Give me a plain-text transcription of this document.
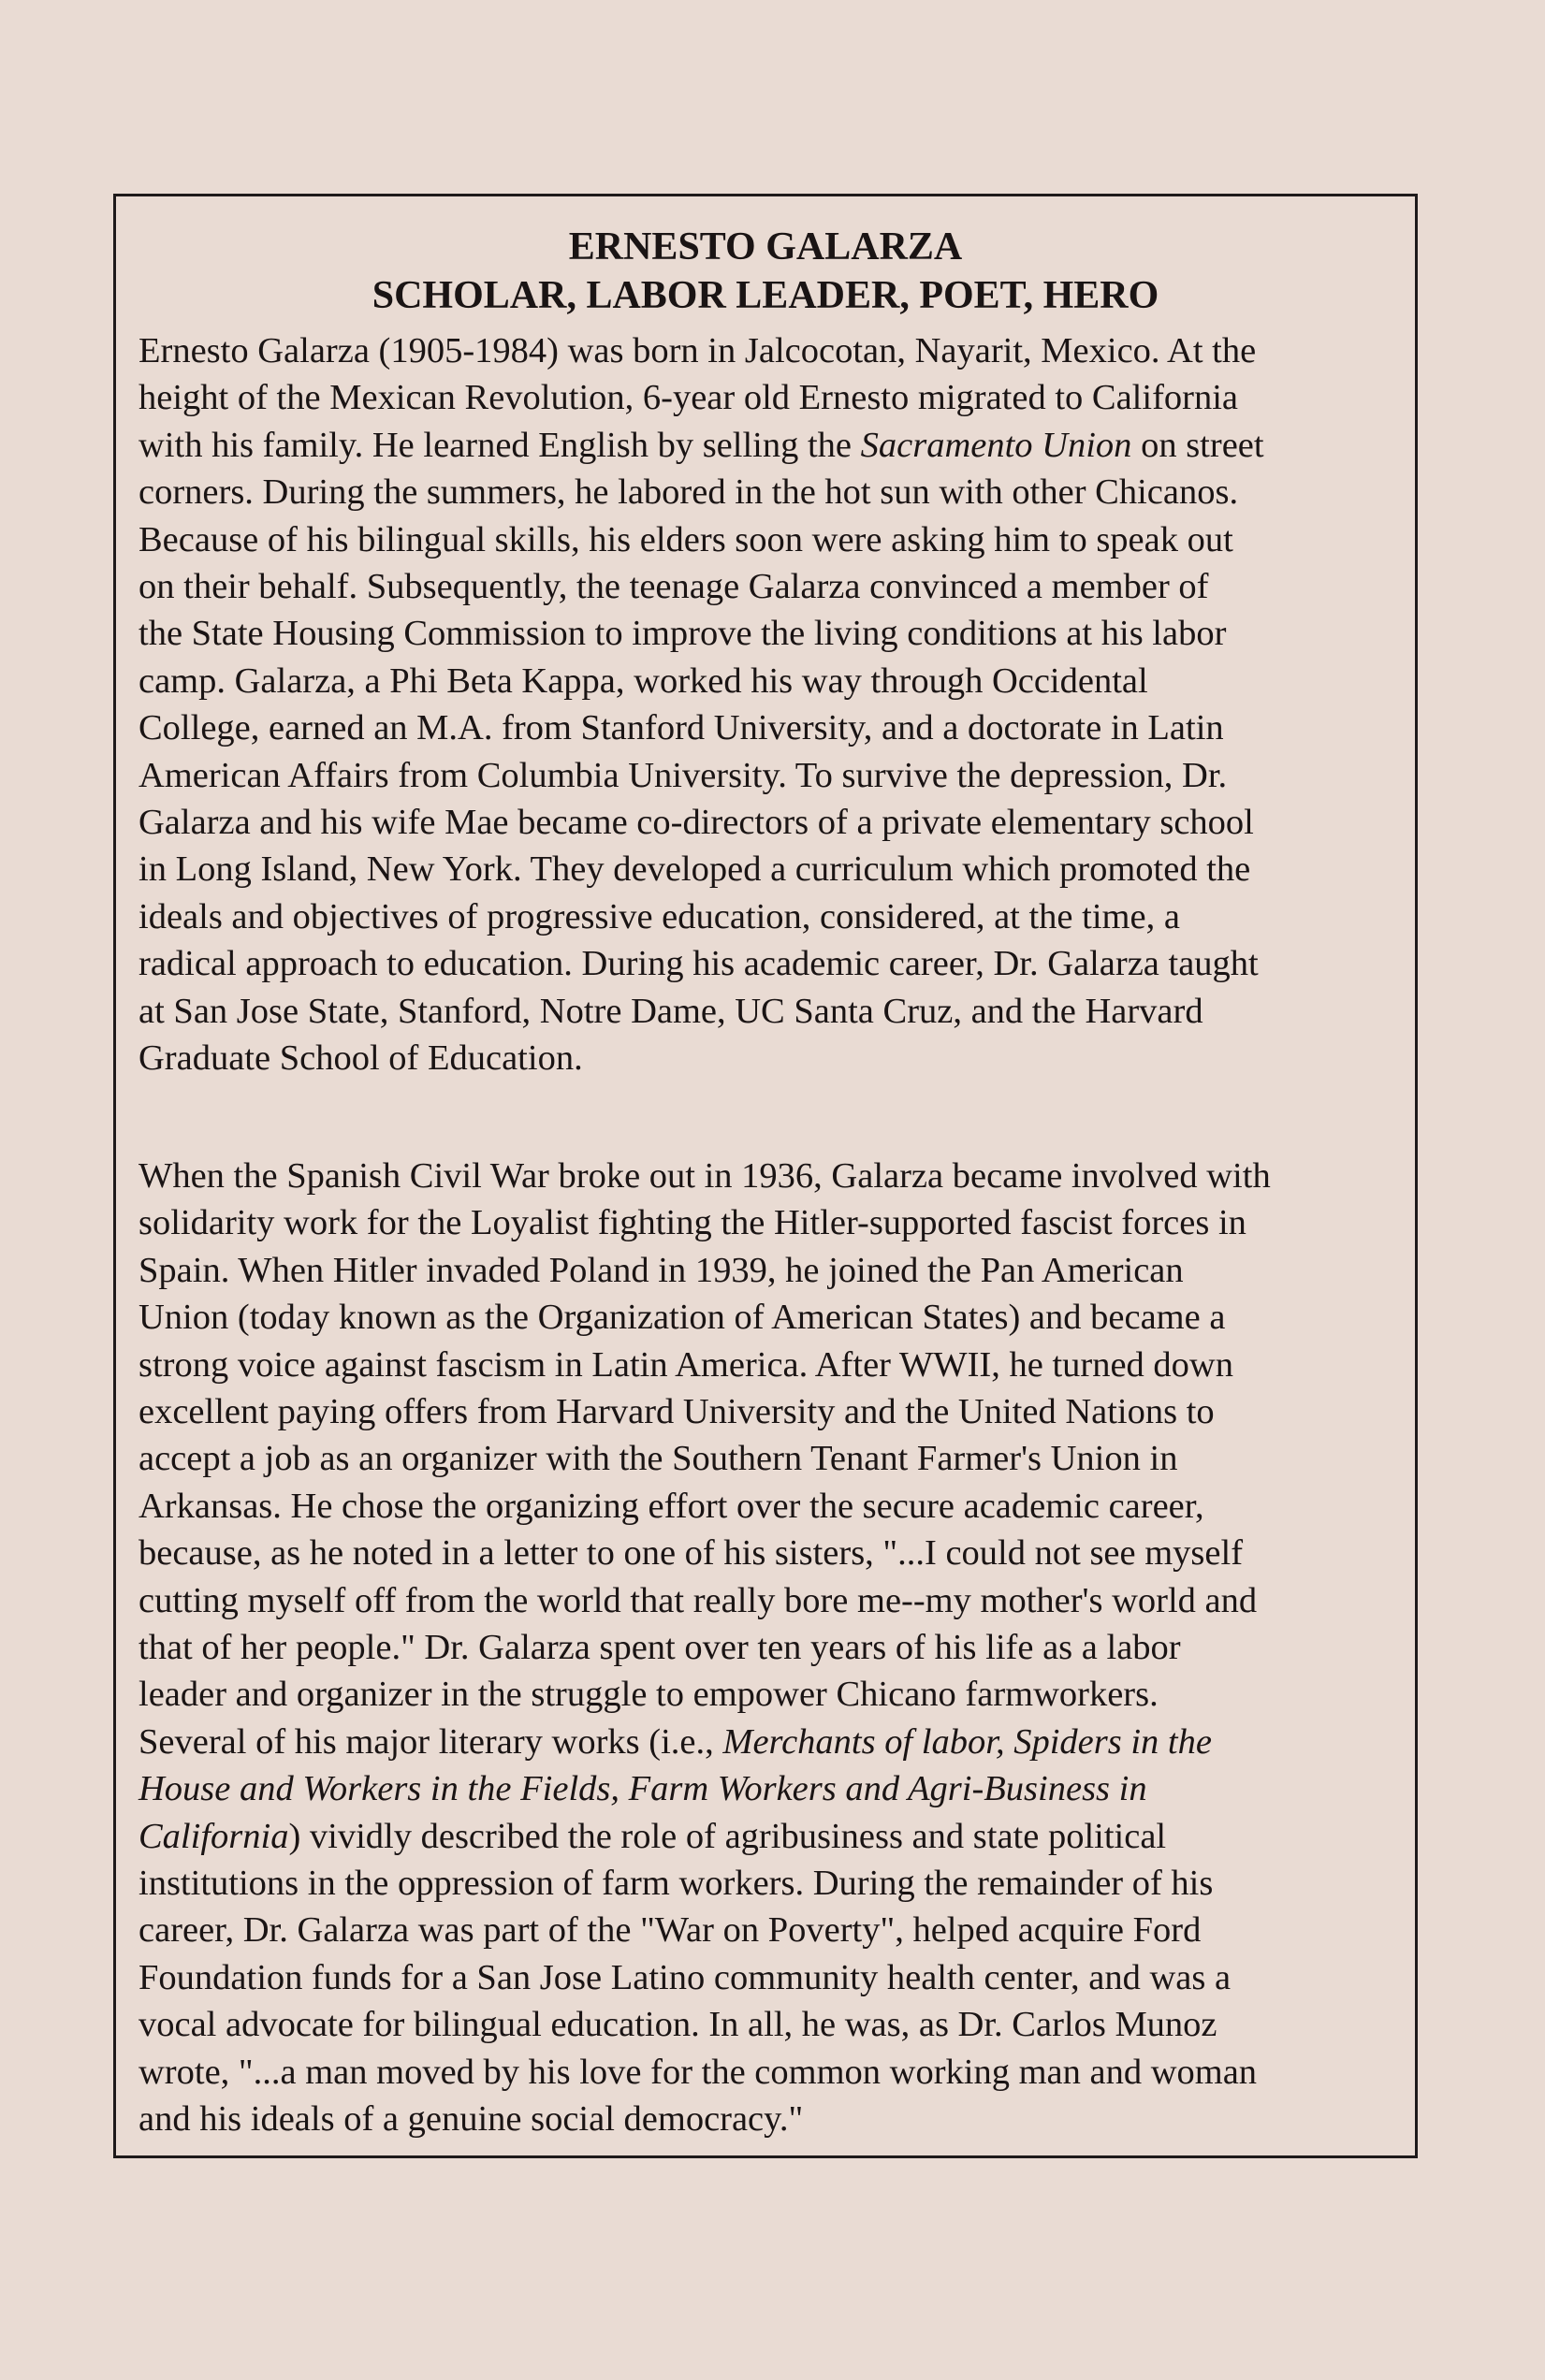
ERNESTO GALARZA
SCHOLAR, LABOR LEADER, POET, HERO
Ernesto Galarza (1905-1984) was born in Jalcocotan, Nayarit, Mexico. At the
height of the Mexican Revolution, 6-year old Ernesto migrated to California
with his family. He learned English by selling the Sacramento Union on street
corners. During the summers, he labored in the hot sun with other Chicanos.
Because of his bilingual skills, his elders soon were asking him to speak out
on their behalf. Subsequently, the teenage Galarza convinced a member of
the State Housing Commission to improve the living conditions at his labor
camp. Galarza, a Phi Beta Kappa, worked his way through Occidental
College, earned an M.A. from Stanford University, and a doctorate in Latin
American Affairs from Columbia University. To survive the depression, Dr.
Galarza and his wife Mae became co-directors of a private elementary school
in Long Island, New York. They developed a curriculum which promoted the
ideals and objectives of progressive education, considered, at the time, a
radical approach to education. During his academic career, Dr. Galarza taught
at San Jose State, Stanford, Notre Dame, UC Santa Cruz, and the Harvard
Graduate School of Education.
When the Spanish Civil War broke out in 1936, Galarza became involved with
solidarity work for the Loyalist fighting the Hitler-supported fascist forces in
Spain. When Hitler invaded Poland in 1939, he joined the Pan American
Union (today known as the Organization of American States) and became a
strong voice against fascism in Latin America. After WWII, he turned down
excellent paying offers from Harvard University and the United Nations to
accept a job as an organizer with the Southern Tenant Farmer's Union in
Arkansas. He chose the organizing effort over the secure academic career,
because, as he noted in a letter to one of his sisters, "...I could not see myself
cutting myself off from the world that really bore me--my mother's world and
that of her people." Dr. Galarza spent over ten years of his life as a labor
leader and organizer in the struggle to empower Chicano farmworkers.
Several of his major literary works (i.e., Merchants of labor, Spiders in the
House and Workers in the Fields, Farm Workers and Agri-Business in
California) vividly described the role of agribusiness and state political
institutions in the oppression of farm workers. During the remainder of his
career, Dr. Galarza was part of the "War on Poverty", helped acquire Ford
Foundation funds for a San Jose Latino community health center, and was a
vocal advocate for bilingual education. In all, he was, as Dr. Carlos Munoz
wrote, "...a man moved by his love for the common working man and woman
and his ideals of a genuine social democracy."
